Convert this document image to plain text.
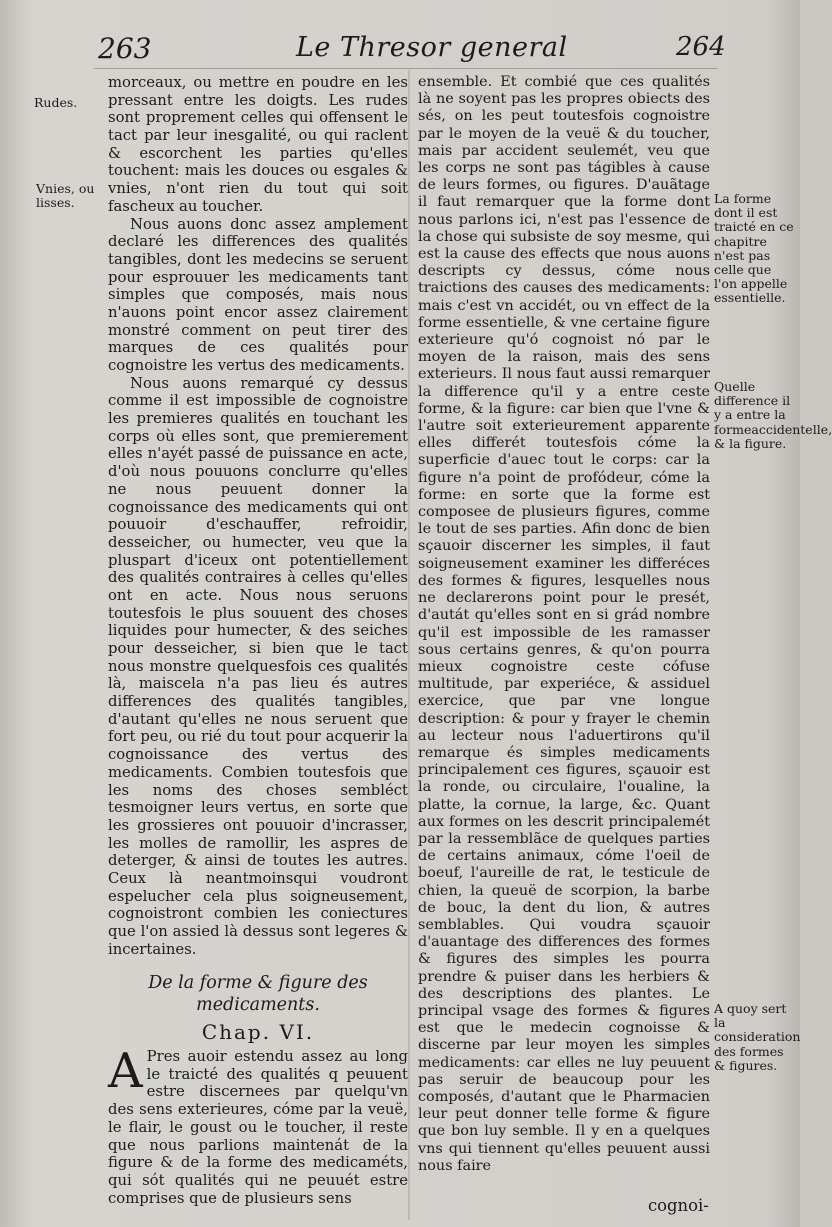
263	Le Thresor general	264
Rudes.
Vnies, ou lisses.

morceaux, ou mettre en poudre en les pressant entre les doigts. Les rudes sont proprement celles qui offensent le tact par leur inesgalité, ou qui raclent & escorchent les parties qu'elles touchent: mais les douces ou esgales & vnies, n'ont rien du tout qui soit fascheux au toucher.

Nous auons donc assez amplement declaré les differences des qualités tangibles, dont les medecins se seruent pour esprouuer les medicaments tant simples que composés, mais nous n'auons point encor assez clairement monstré comment on peut tirer des marques de ces qualités pour cognoistre les vertus des medicaments.

Nous auons remarqué cy dessus comme il est impossible de cognoistre les premieres qualités en touchant les corps où elles sont, que premierement elles n'ayét passé de puissance en acte, d'où nous pouuons conclurre qu'elles ne nous peuuent donner la cognoissance des medicaments qui ont pouuoir d'eschauffer, refroidir, desseicher, ou humecter, veu que la pluspart d'iceux ont potentiellement des qualités contraires à celles qu'elles ont en acte. Nous nous seruons toutesfois le plus souuent des choses liquides pour humecter, & des seiches pour desseicher, si bien que le tact nous monstre quelquesfois ces qualités là, maiscela n'a pas lieu és autres differences des qualités tangibles, d'autant qu'elles ne nous seruent que fort peu, ou rié du tout pour acquerir la cognoissance des vertus des medicaments. Combien toutesfois que les noms des choses sembléct tesmoigner leurs vertus, en sorte que les grossieres ont pouuoir d'incrasser, les molles de ramollir, les aspres de deterger, & ainsi de toutes les autres. Ceux là neantmoinsqui voudront espelucher cela plus soigneusement, cognoistront combien les coniectures que l'on assied là dessus sont legeres & incertaines.

De la forme & figure des medicaments.
Chap. VI.

A Pres auoir estendu assez au long le traicté des qualités q peuuent estre discernees par quelqu'vn des sens exterieures, cóme par la veuë, le flair, le goust ou le toucher, il reste que nous parlions maintenát de la figure & de la forme des medicaméts, qui sót qualités qui ne peuuét estre comprises que de plusieurs sens

ensemble. Et combié que ces qualités là ne soyent pas les propres obiects des sés, on les peut toutesfois cognoistre par le moyen de la veuë & du toucher, mais par accident seulemét, veu que les corps ne sont pas tágibles à cause de leurs formes, ou figures. D'auãtage il faut remarquer que la forme dont nous parlons ici, n'est pas l'essence de la chose qui subsiste de soy mesme, qui est la cause des effects que nous auons descripts cy dessus, cóme nous traictions des causes des medicaments: mais c'est vn accidét, ou vn effect de la forme essentielle, & vne certaine figure exterieure qu'ó cognoist nó par le moyen de la raison, mais des sens exterieurs. Il nous faut aussi remarquer la difference qu'il y a entre ceste forme, & la figure: car bien que l'vne & l'autre soit exterieurement apparente elles differét toutesfois cóme la superficie d'auec tout le corps: car la figure n'a point de profódeur, cóme la forme: en sorte que la forme est composee de plusieurs figures, comme le tout de ses parties. Afin donc de bien sçauoir discerner les simples, il faut soigneusement examiner les differéces des formes & figures, lesquelles nous ne declarerons point pour le presét, d'autát qu'elles sont en si grád nombre qu'il est impossible de les ramasser sous certains genres, & qu'on pourra mieux cognoistre ceste cófuse multitude, par experiéce, & assiduel exercice, que par vne longue description: & pour y frayer le chemin au lecteur nous l'aduertirons qu'il remarque és simples medicaments principalement ces figures, sçauoir est la ronde, ou circulaire, l'oualine, la platte, la cornue, la large, &c. Quant aux formes on les descrit principalemét par la ressemblãce de quelques parties de certains animaux, cóme l'oeil de boeuf, l'aureille de rat, le testicule de chien, la queuë de scorpion, la barbe de bouc, la dent du lion, & autres semblables. Qui voudra sçauoir d'auantage des differences des formes & figures des simples les pourra prendre & puiser dans les herbiers & des descriptions des plantes. Le principal vsage des formes & figures est que le medecin cognoisse & discerne par leur moyen les simples medicaments: car elles ne luy peuuent pas seruir de beaucoup pour les composés, d'autant que le Pharmacien leur peut donner telle forme & figure que bon luy semble. Il y en a quelques vns qui tiennent qu'elles peuuent aussi nous faire

La forme dont il est traicté en ce chapitre n'est pas celle que l'on appelle essentielle.
Quelle difference il y a entre la formeaccidentelle, & la figure.
A quoy sert la consideration des formes & figures.
cognoi-
